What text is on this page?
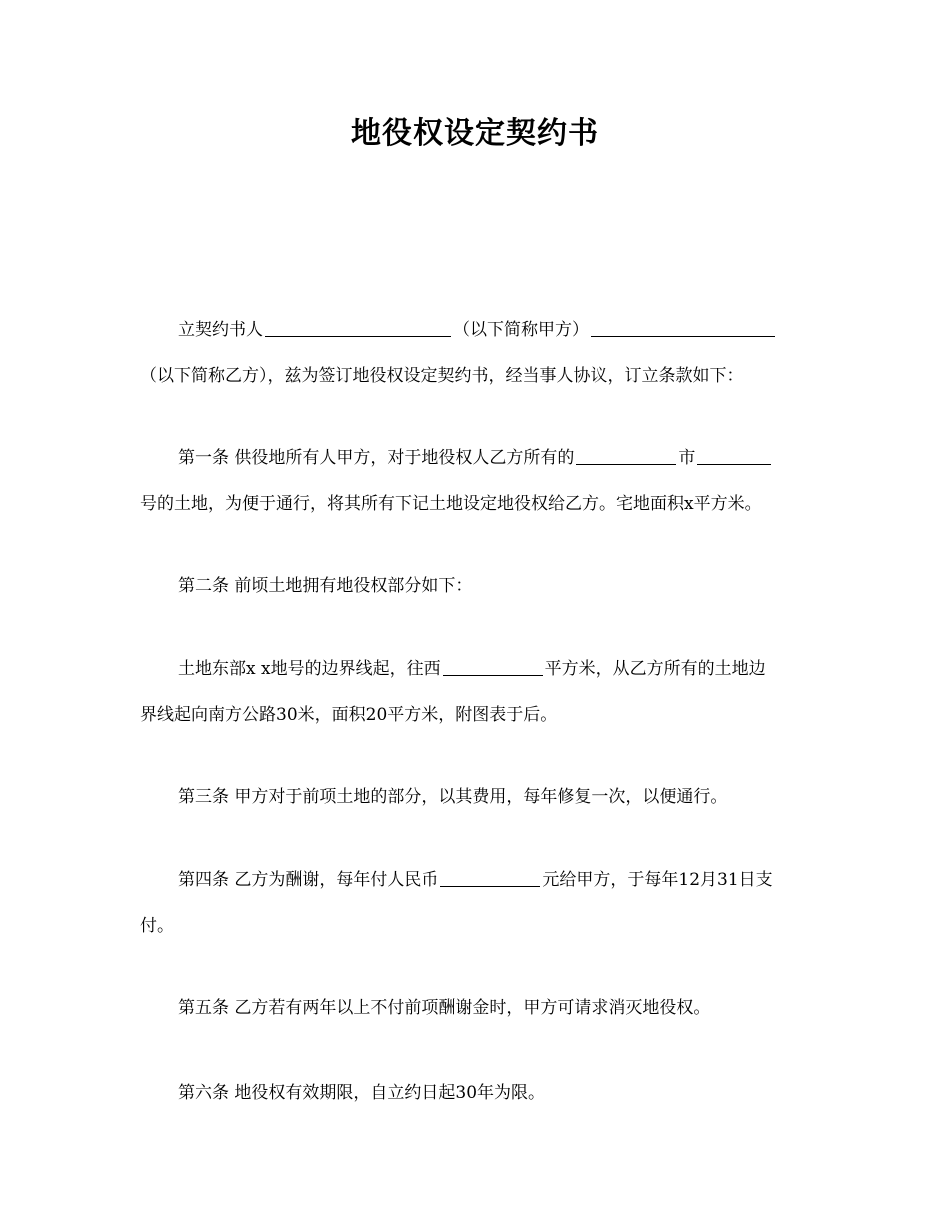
地役权设定契约书
立契约书人	（以下简称甲方）
（以下简称乙方），兹为签订地役权设定契约书，经当事人协议，订立条款如下：
第一条 供役地所有人甲方，对于地役权人乙方所有的	市
号的土地，为便于通行，将其所有下记土地设定地役权给乙方。宅地面积x平方米。
第二条 前顷土地拥有地役权部分如下：
土地东部x x地号的边界线起，往西	平方米，从乙方所有的土地边
界线起向南方公路30米，面积20平方米，附图表于后。
第三条 甲方对于前项土地的部分，以其费用，每年修复一次，以便通行。
第四条 乙方为酬谢，每年付人民币	元给甲方，于每年12月31日支
付。
第五条 乙方若有两年以上不付前项酬谢金时，甲方可请求消灭地役权。
第六条 地役权有效期限，自立约日起30年为限。
